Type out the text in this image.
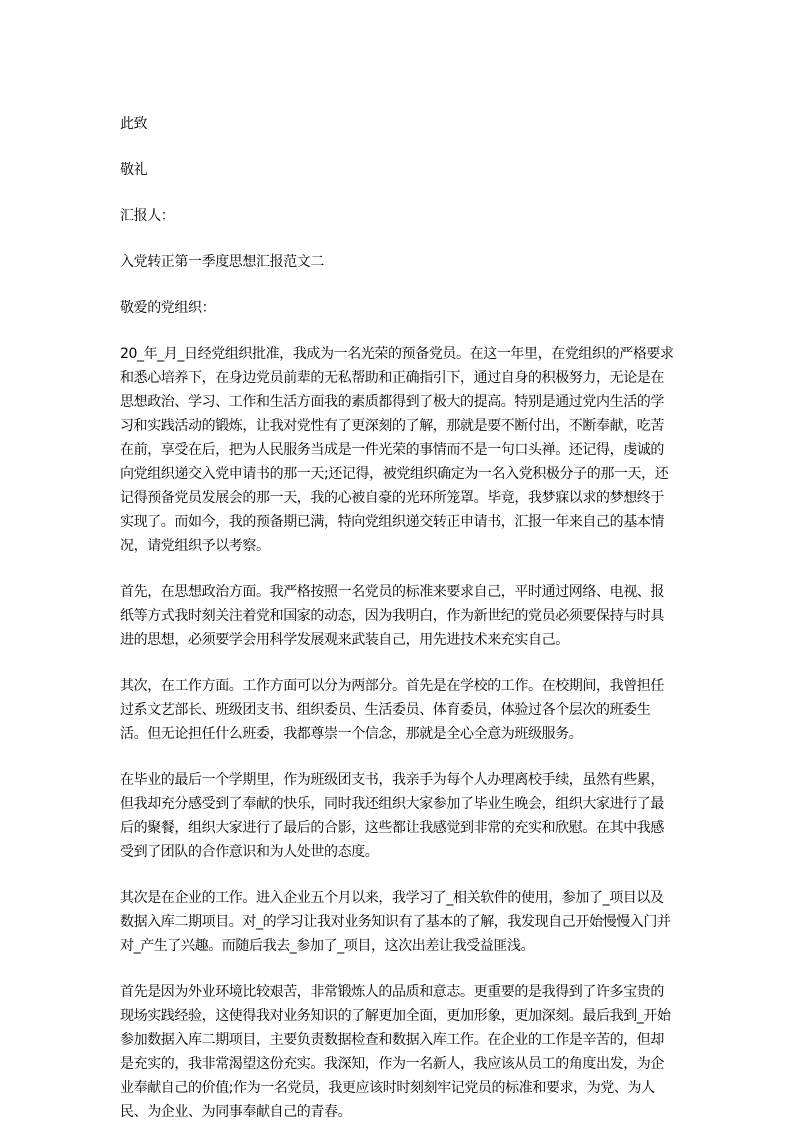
此致

敬礼

汇报人：

入党转正第一季度思想汇报范文二

敬爱的党组织：

20_年_月_日经党组织批准，我成为一名光荣的预备党员。在这一年里，在党组织的严格要求和悉心培养下，在身边党员前辈的无私帮助和正确指引下，通过自身的积极努力，无论是在思想政治、学习、工作和生活方面我的素质都得到了极大的提高。特别是通过党内生活的学习和实践活动的锻炼，让我对党性有了更深刻的了解，那就是要不断付出，不断奉献，吃苦在前，享受在后，把为人民服务当成是一件光荣的事情而不是一句口头禅。还记得，虔诚的向党组织递交入党申请书的那一天;还记得，被党组织确定为一名入党积极分子的那一天，还记得预备党员发展会的那一天，我的心被自豪的光环所笼罩。毕竟，我梦寐以求的梦想终于实现了。而如今，我的预备期已满，特向党组织递交转正申请书，汇报一年来自己的基本情况，请党组织予以考察。

首先，在思想政治方面。我严格按照一名党员的标准来要求自己，平时通过网络、电视、报纸等方式我时刻关注着党和国家的动态，因为我明白，作为新世纪的党员必须要保持与时具进的思想，必须要学会用科学发展观来武装自己，用先进技术来充实自己。

其次，在工作方面。工作方面可以分为两部分。首先是在学校的工作。在校期间，我曾担任过系文艺部长、班级团支书、组织委员、生活委员、体育委员，体验过各个层次的班委生活。但无论担任什么班委，我都尊崇一个信念，那就是全心全意为班级服务。

在毕业的最后一个学期里，作为班级团支书，我亲手为每个人办理离校手续，虽然有些累，但我却充分感受到了奉献的快乐，同时我还组织大家参加了毕业生晚会，组织大家进行了最后的聚餐，组织大家进行了最后的合影，这些都让我感觉到非常的充实和欣慰。在其中我感受到了团队的合作意识和为人处世的态度。

其次是在企业的工作。进入企业五个月以来，我学习了_相关软件的使用，参加了_项目以及数据入库二期项目。对_的学习让我对业务知识有了基本的了解，我发现自己开始慢慢入门并对_产生了兴趣。而随后我去_参加了_项目，这次出差让我受益匪浅。

首先是因为外业环境比较艰苦，非常锻炼人的品质和意志。更重要的是我得到了许多宝贵的现场实践经验，这使得我对业务知识的了解更加全面，更加形象，更加深刻。最后我到_开始参加数据入库二期项目，主要负责数据检查和数据入库工作。在企业的工作是辛苦的，但却是充实的，我非常渴望这份充实。我深知，作为一名新人，我应该从员工的角度出发，为企业奉献自己的价值;作为一名党员，我更应该时时刻刻牢记党员的标准和要求，为党、为人民、为企业、为同事奉献自己的青春。
